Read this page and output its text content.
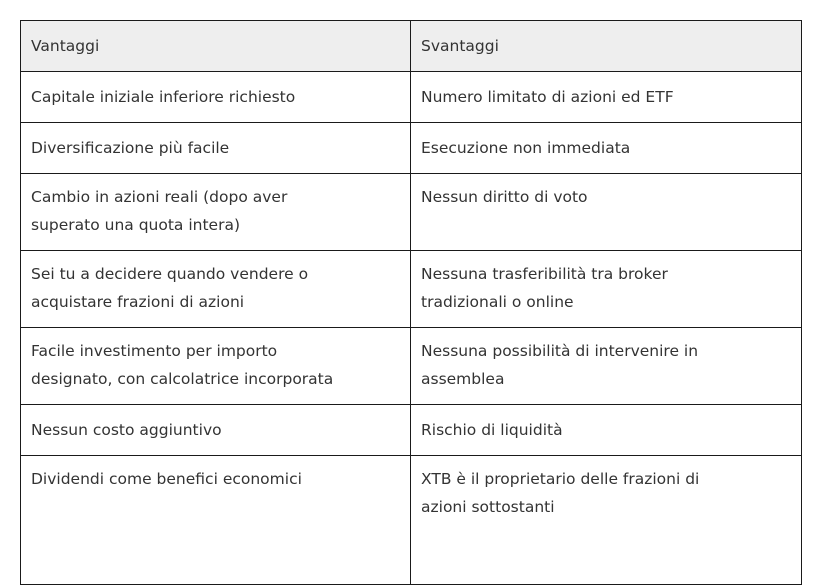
Vantaggi	Svantaggi

Capitale iniziale inferiore richiesto	Numero limitato di azioni ed ETF

Diversificazione più facile	Esecuzione non immediata

Cambio in azioni reali (dopo aver
superato una quota intera)	Nessun diritto di voto

Sei tu a decidere quando vendere o
acquistare frazioni di azioni	Nessuna trasferibilità tra broker
tradizionali o online

Facile investimento per importo
designato, con calcolatrice incorporata	Nessuna possibilità di intervenire in
assemblea

Nessun costo aggiuntivo	Rischio di liquidità

Dividendi come benefici economici	XTB è il proprietario delle frazioni di
azioni sottostanti
